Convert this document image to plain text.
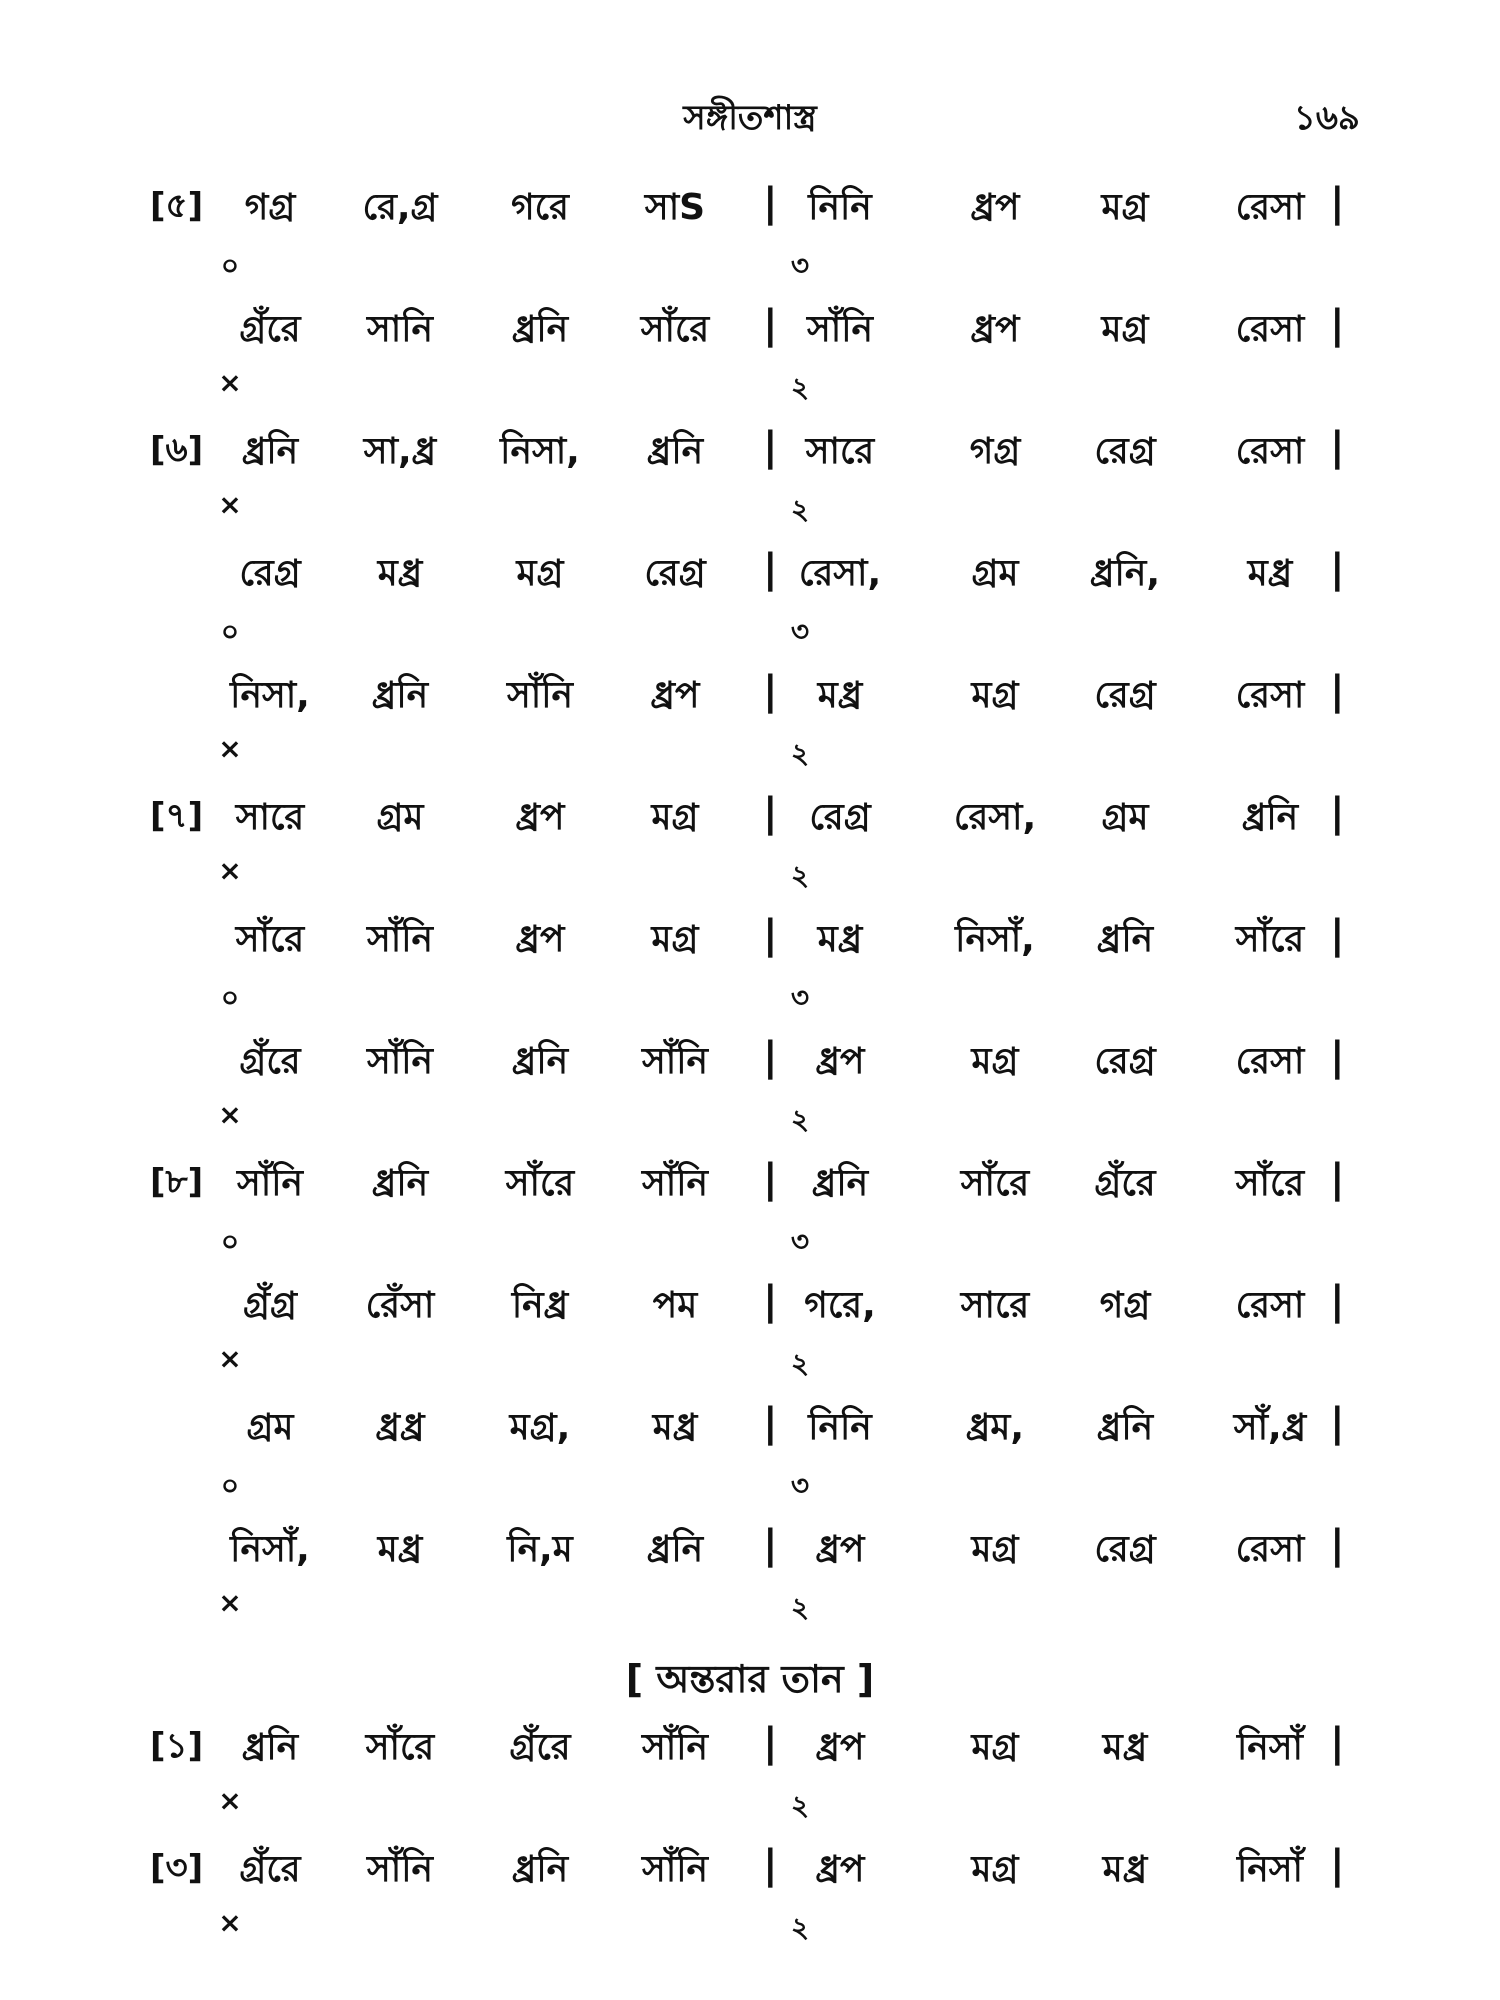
সঙ্গীতশাস্ত্র	১৬৯
[ অন্তরার তান ]
[৫]	গগ্র	রে,গ্র	গরে	সাS	নিনি	ধ্রপ	মগ্র	রেসা
|	|
০	৩
গ্রঁরে	সানি	ধ্রনি	সাঁরে	সাঁনি	ধ্রপ	মগ্র	রেসা
|	|
×	২
[৬]	ধ্রনি	সা,ধ্র	নিসা,	ধ্রনি	সারে	গগ্র	রেগ্র	রেসা
|	|
×	২
রেগ্র	মধ্র	মগ্র	রেগ্র	রেসা,	গ্রম	ধ্রনি,	মধ্র
|	|
০	৩
নিসা,	ধ্রনি	সাঁনি	ধ্রপ	মধ্র	মগ্র	রেগ্র	রেসা
|	|
×	২
[৭] সারে	গ্রম	ধ্রপ	মগ্র	রেগ্র	রেসা,	গ্রম	ধ্রনি
|	|
×	২
সাঁরে	সাঁনি	ধ্রপ	মগ্র	মধ্র	নিসাঁ,	ধ্রনি	সাঁরে
|	|
০	৩
গ্রঁরে	সাঁনি	ধ্রনি	সাঁনি	ধ্রপ	মগ্র	রেগ্র	রেসা
|	|
×	২
[৮] সাঁনি	ধ্রনি	সাঁরে	সাঁনি	ধ্রনি	সাঁরে	গ্রঁরে	সাঁরে
|	|
০	৩
গ্রঁগ্র	রেঁসা	নিধ্র	পম	গরে,	সারে	গগ্র	রেসা
|	|
×	২
গ্রম	ধ্রধ্র	মগ্র,	মধ্র	নিনি	ধ্রম,	ধ্রনি	সাঁ,ধ্র
|	|
০	৩
নিসাঁ,	মধ্র	নি,ম	ধ্রনি	ধ্রপ	মগ্র	রেগ্র	রেসা
|	|
×	২
[১]	ধ্রনি	সাঁরে	গ্রঁরে	সাঁনি	ধ্রপ	মগ্র	মধ্র	নিসাঁ
|	|
×	২
[৩]	গ্রঁরে	সাঁনি	ধ্রনি	সাঁনি	ধ্রপ	মগ্র	মধ্র	নিসাঁ
|	|
×	২
